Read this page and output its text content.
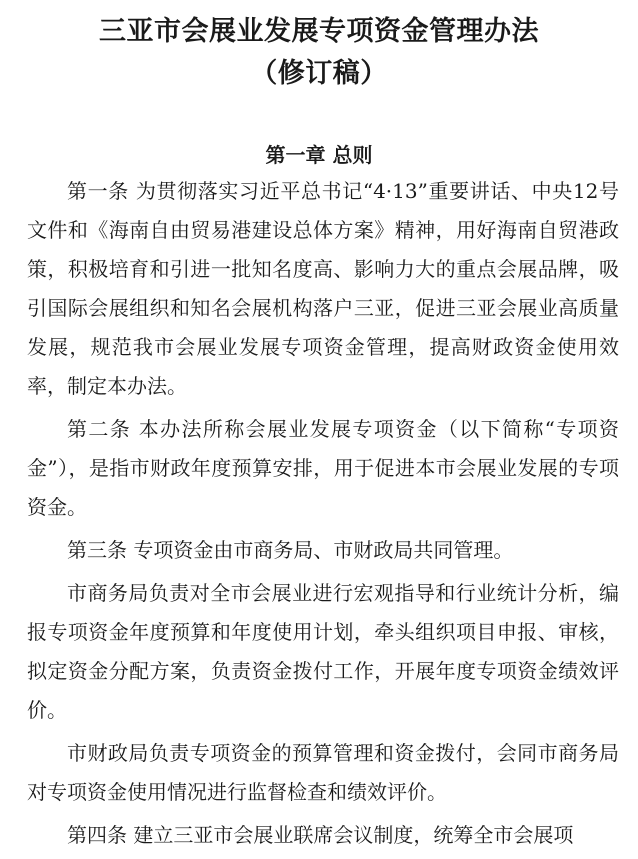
三亚市会展业发展专项资金管理办法
（修订稿）
第一章 总则

第一条 为贯彻落实习近平总书记“4·13”重要讲话、中央12号文件和《海南自由贸易港建设总体方案》精神，用好海南自贸港政策，积极培育和引进一批知名度高、影响力大的重点会展品牌，吸引国际会展组织和知名会展机构落户三亚，促进三亚会展业高质量发展，规范我市会展业发展专项资金管理，提高财政资金使用效率，制定本办法。

第二条 本办法所称会展业发展专项资金（以下简称“专项资金”），是指市财政年度预算安排，用于促进本市会展业发展的专项资金。

第三条 专项资金由市商务局、市财政局共同管理。

市商务局负责对全市会展业进行宏观指导和行业统计分析，编报专项资金年度预算和年度使用计划，牵头组织项目申报、审核，拟定资金分配方案，负责资金拨付工作，开展年度专项资金绩效评价。

市财政局负责专项资金的预算管理和资金拨付，会同市商务局对专项资金使用情况进行监督检查和绩效评价。

第四条 建立三亚市会展业联席会议制度，统筹全市会展项
